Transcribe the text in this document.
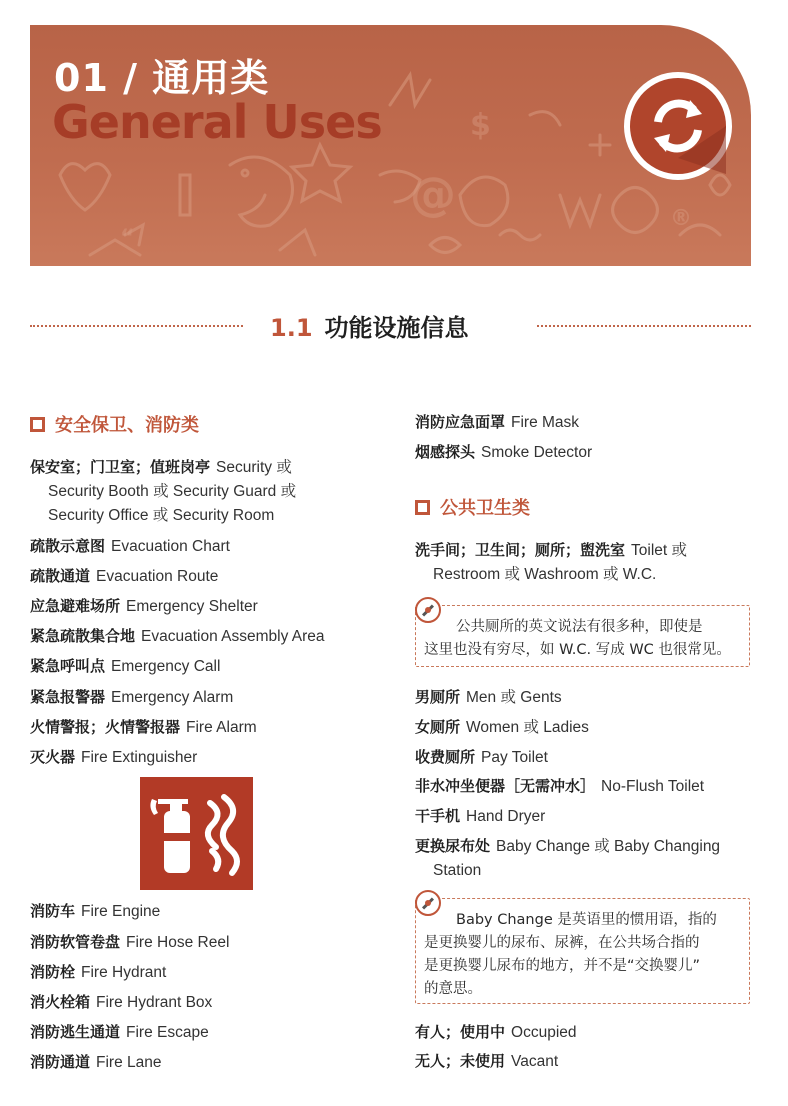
@
“
®
$
01 / 通用类
General Uses
1.1 功能设施信息
安全保卫、消防类
保安室；门卫室；值班岗亭 Security 或
Security Booth 或 Security Guard 或
Security Office 或 Security Room
疏散示意图 Evacuation Chart
疏散通道 Evacuation Route
应急避难场所 Emergency Shelter
紧急疏散集合地 Evacuation Assembly Area
紧急呼叫点 Emergency Call
紧急报警器 Emergency Alarm
火情警报；火情警报器 Fire Alarm
灭火器 Fire Extinguisher
消防车 Fire Engine
消防软管卷盘 Fire Hose Reel
消防栓 Fire Hydrant
消火栓箱 Fire Hydrant Box
消防逃生通道 Fire Escape
消防通道 Fire Lane
消防应急面罩 Fire Mask
烟感探头 Smoke Detector
公共卫生类
洗手间；卫生间；厕所；盥洗室 Toilet 或
Restroom 或 Washroom 或 W.C.
公共厕所的英文说法有很多种，即使是
这里也没有穷尽，如 W.C. 写成 WC 也很常见。
男厕所 Men 或 Gents
女厕所 Women 或 Ladies
收费厕所 Pay Toilet
非水冲坐便器［无需冲水］ No-Flush Toilet
干手机 Hand Dryer
更换尿布处 Baby Change 或 Baby Changing
Station
Baby Change 是英语里的惯用语，指的
是更换婴儿的尿布、尿裤，在公共场合指的
是更换婴儿尿布的地方，并不是“交换婴儿”
的意思。
有人；使用中 Occupied
无人；未使用 Vacant
